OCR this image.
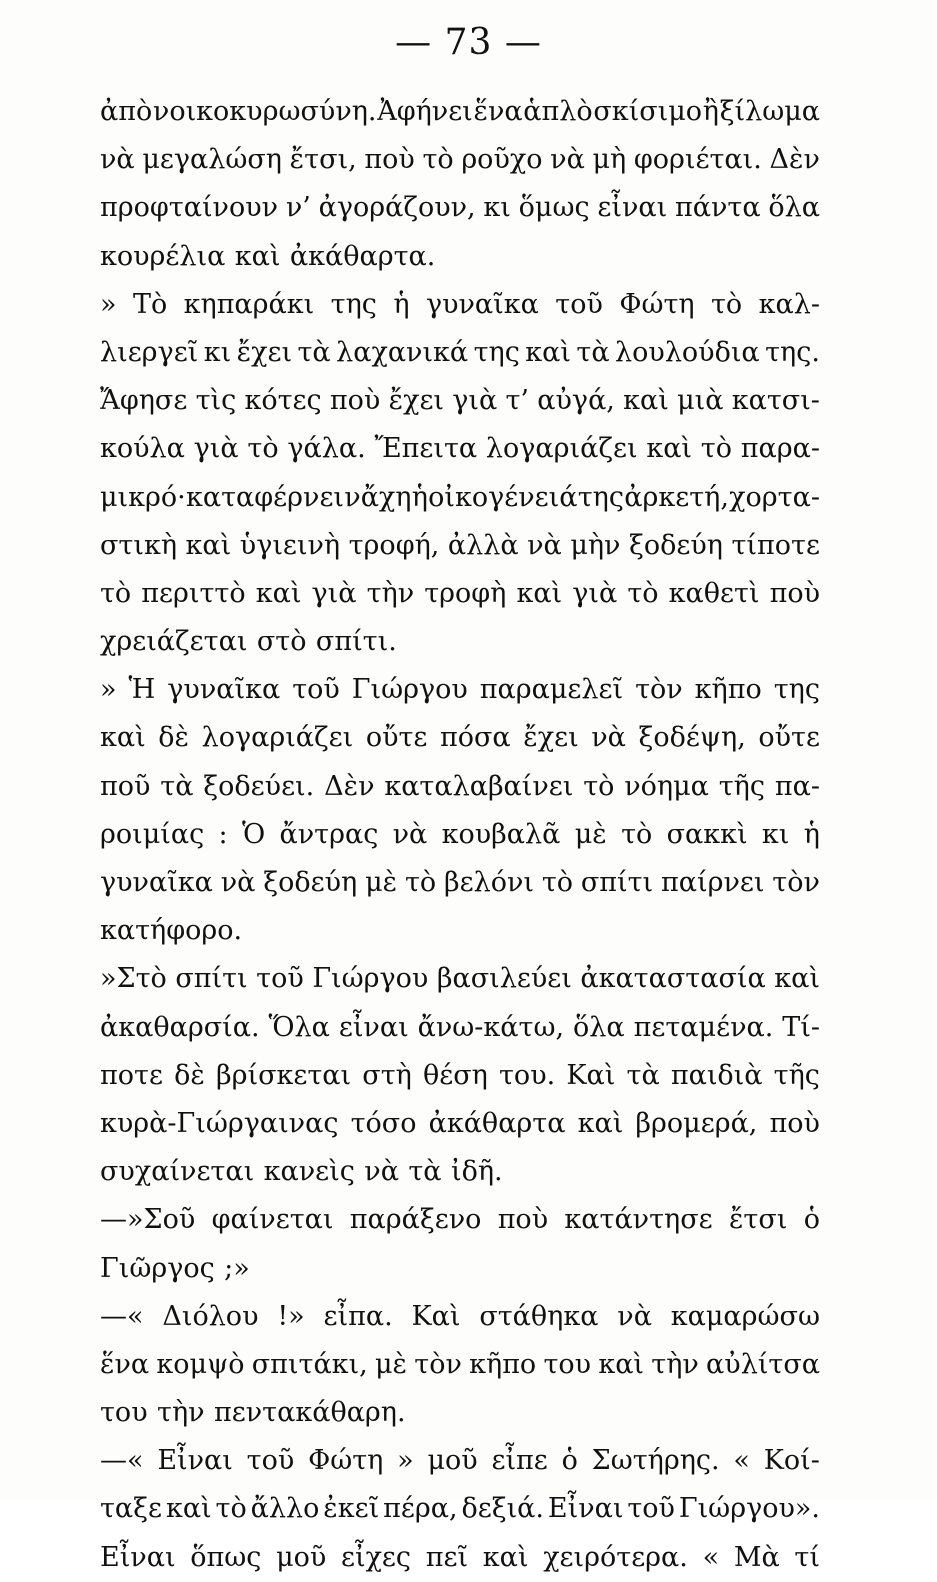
— 73 —
ἀπὸ νοικοκυρωσύνη. Ἀφήνει ἕνα ἁπλὸ σκίσιμο ἢ ξίλωμα
νὰ μεγαλώση ἔτσι, ποὺ τὸ ροῦχο νὰ μὴ φοριέται. Δὲν
προφταίνουν ν’ ἀγοράζουν, κι ὅμως εἶναι πάντα ὅλα
κουρέλια καὶ ἀκάθαρτα.
» Τὸ κηπαράκι της ἡ γυναῖκα τοῦ Φώτη τὸ καλ-
λιεργεῖ κι ἔχει τὰ λαχανικά της καὶ τὰ λουλούδια της.
Ἄφησε τὶς κότες ποὺ ἔχει γιὰ τ’ αὐγά, καὶ μιὰ κατσι-
κούλα γιὰ τὸ γάλα. Ἔπειτα λογαριάζει καὶ τὸ παρα-
μικρό· καταφέρνει νἄχη ἡ οἰκογένειά της ἀρκετή, χορτα-
στικὴ καὶ ὑγιεινὴ τροφή, ἀλλὰ νὰ μὴν ξοδεύη τίποτε
τὸ περιττὸ καὶ γιὰ τὴν τροφὴ καὶ γιὰ τὸ καθετὶ ποὺ
χρειάζεται στὸ σπίτι.
» Ἡ γυναῖκα τοῦ Γιώργου παραμελεῖ τὸν κῆπο της
καὶ δὲ λογαριάζει οὔτε πόσα ἔχει νὰ ξοδέψη, οὔτε
ποῦ τὰ ξοδεύει. Δὲν καταλαβαίνει τὸ νόημα τῆς πα-
ροιμίας : Ὁ ἄντρας νὰ κουβαλᾶ μὲ τὸ σακκὶ κι ἡ
γυναῖκα νὰ ξοδεύη μὲ τὸ βελόνι τὸ σπίτι παίρνει τὸν
κατήφορο.
»Στὸ σπίτι τοῦ Γιώργου βασιλεύει ἀκαταστασία καὶ
ἀκαθαρσία. Ὅλα εἶναι ἄνω-κάτω, ὅλα πεταμένα. Τί-
ποτε δὲ βρίσκεται στὴ θέση του. Καὶ τὰ παιδιὰ τῆς
κυρὰ-Γιώργαινας τόσο ἀκάθαρτα καὶ βρομερά, ποὺ
συχαίνεται κανεὶς νὰ τὰ ἰδῆ.
—»Σοῦ φαίνεται παράξενο ποὺ κατάντησε ἔτσι ὁ
Γιῶργος ;»
—« Διόλου !» εἶπα. Καὶ στάθηκα νὰ καμαρώσω
ἕνα κομψὸ σπιτάκι, μὲ τὸν κῆπο του καὶ τὴν αὐλίτσα
του τὴν πεντακάθαρη.
—« Εἶναι τοῦ Φώτη » μοῦ εἶπε ὁ Σωτήρης. « Κοί-
ταξε καὶ τὸ ἄλλο ἐκεῖ πέρα, δεξιά. Εἶναι τοῦ Γιώργου».
Εἶναι ὅπως μοῦ εἶχες πεῖ καὶ χειρότερα. « Μὰ τί
